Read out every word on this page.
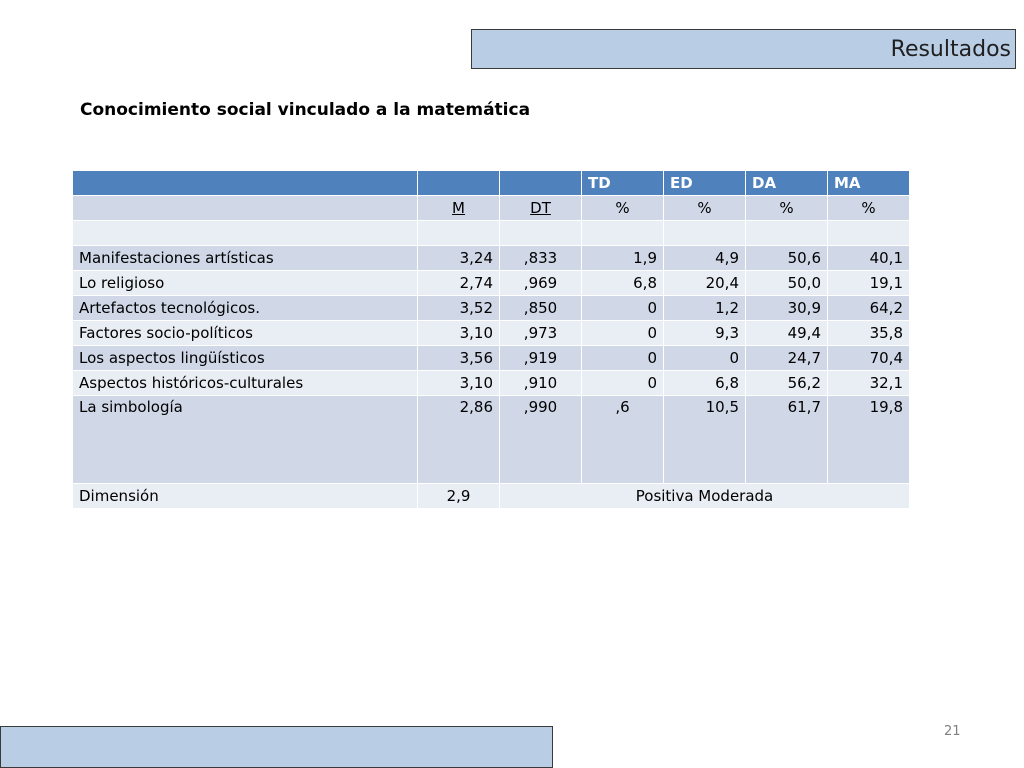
Resultados
Conocimiento social vinculado a la matemática
			TD	ED	DA	MA
	M	DT	%	%	%	%

Manifestaciones artísticas	3,24	,833	1,9	4,9	50,6	40,1
Lo religioso	2,74	,969	6,8	20,4	50,0	19,1
Artefactos tecnológicos.	3,52	,850	0	1,2	30,9	64,2
Factores socio-políticos	3,10	,973	0	9,3	49,4	35,8
Los aspectos lingüísticos	3,56	,919	0	0	24,7	70,4
Aspectos históricos-culturales	3,10	,910	0	6,8	56,2	32,1
La simbología	2,86	,990	,6	10,5	61,7	19,8
Dimensión	2,9	Positiva Moderada				
21
